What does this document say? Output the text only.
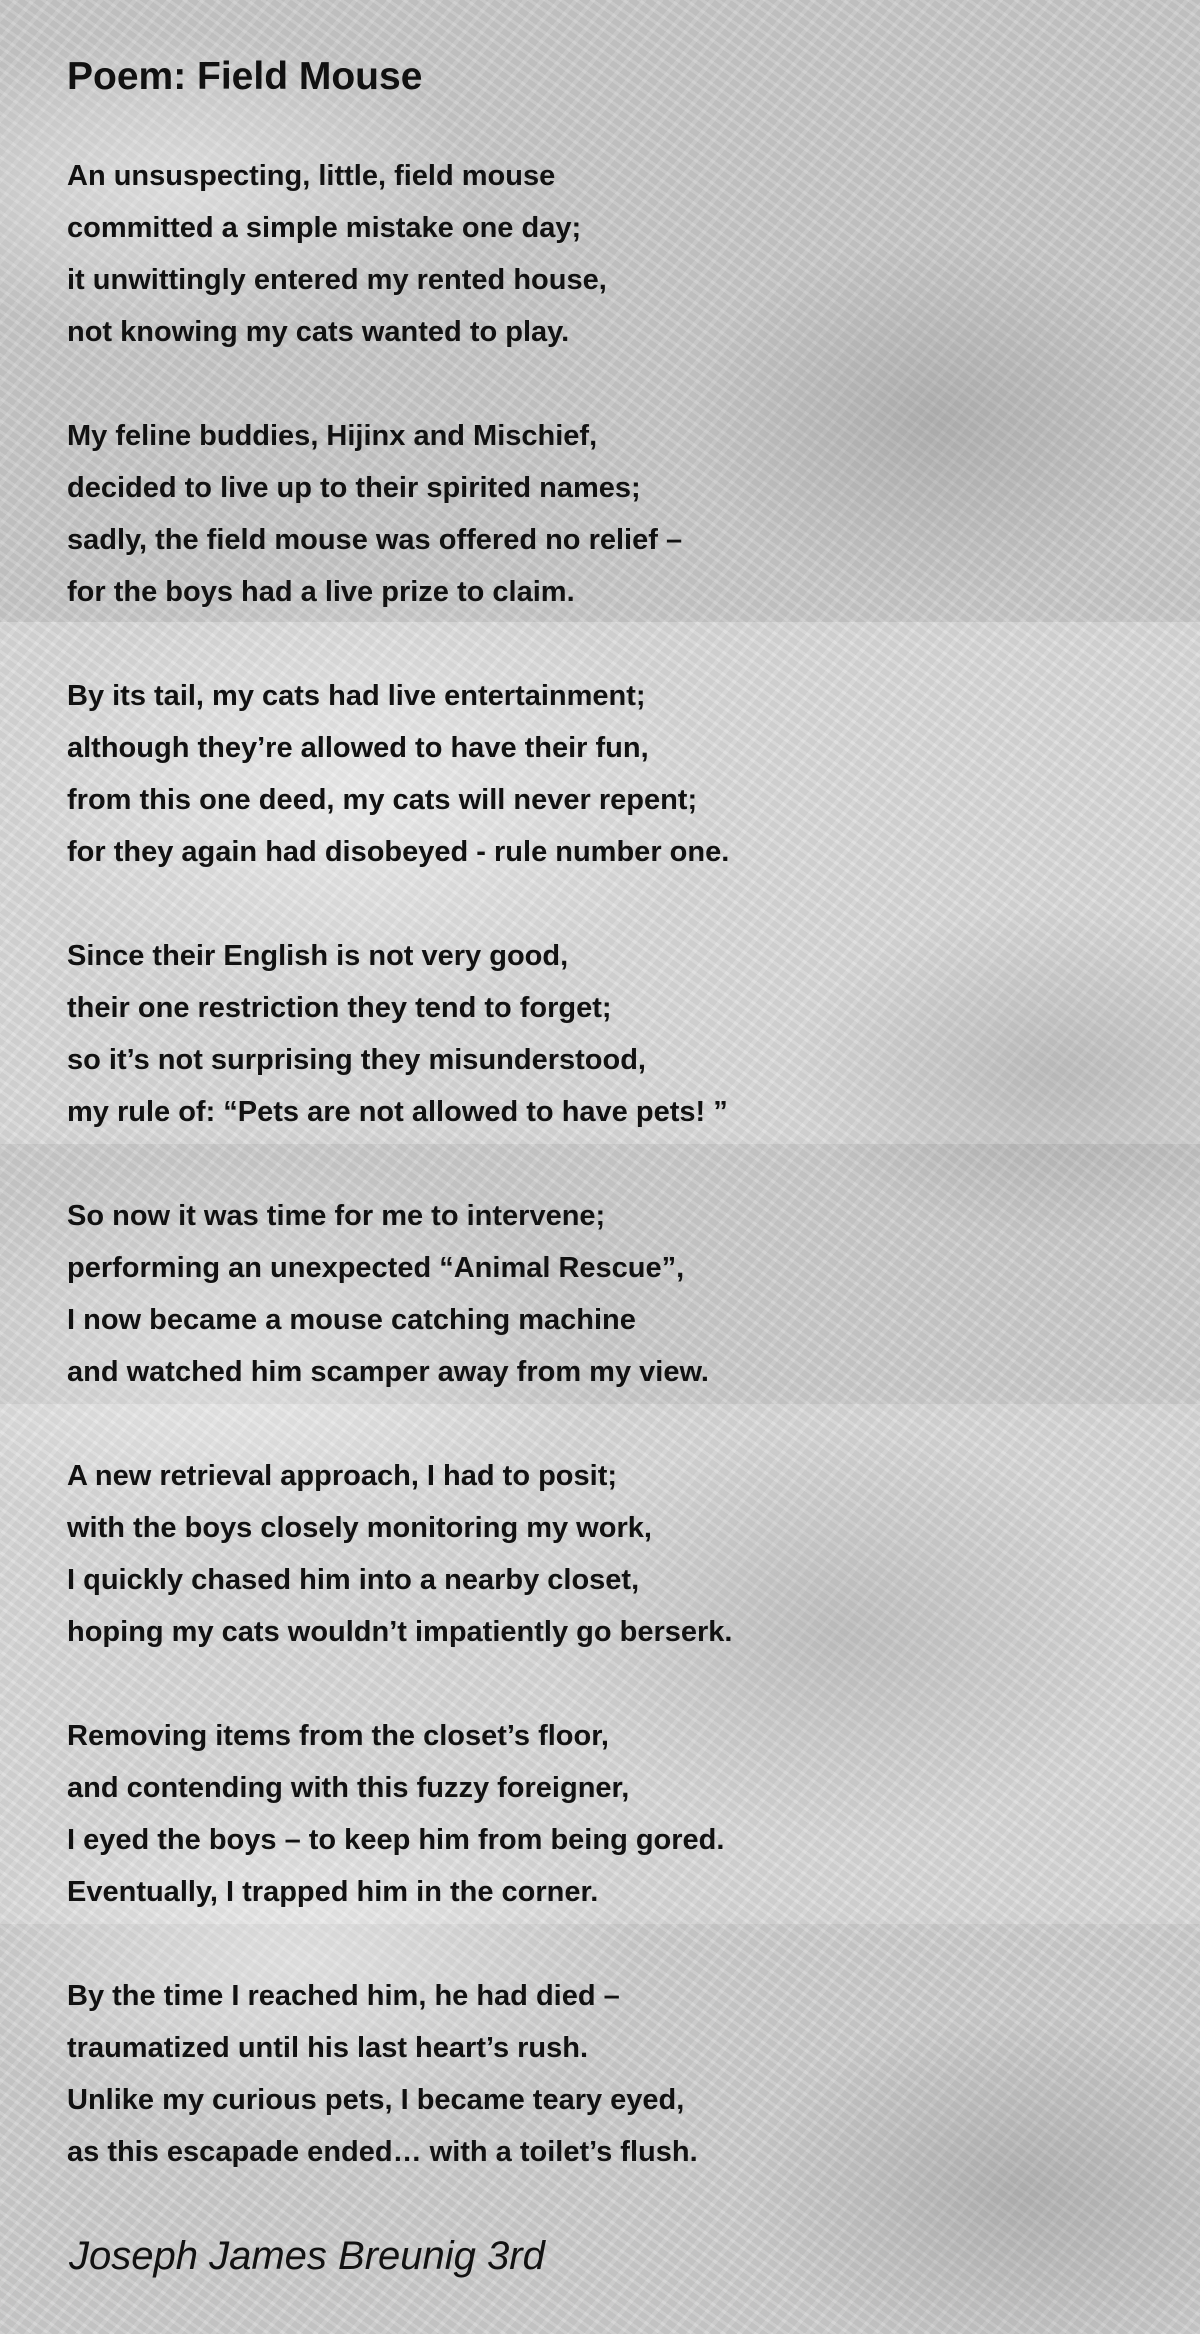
Poem: Field Mouse
An unsuspecting, little, field mouse
committed a simple mistake one day;
it unwittingly entered my rented house,
not knowing my cats wanted to play.
My feline buddies, Hijinx and Mischief,
decided to live up to their spirited names;
sadly, the field mouse was offered no relief –
for the boys had a live prize to claim.
By its tail, my cats had live entertainment;
although they’re allowed to have their fun,
from this one deed, my cats will never repent;
for they again had disobeyed - rule number one.
Since their English is not very good,
their one restriction they tend to forget;
so it’s not surprising they misunderstood,
my rule of: “Pets are not allowed to have pets! ”
So now it was time for me to intervene;
performing an unexpected “Animal Rescue”,
I now became a mouse catching machine
and watched him scamper away from my view.
A new retrieval approach, I had to posit;
with the boys closely monitoring my work,
I quickly chased him into a nearby closet,
hoping my cats wouldn’t impatiently go berserk.
Removing items from the closet’s floor,
and contending with this fuzzy foreigner,
I eyed the boys – to keep him from being gored.
Eventually, I trapped him in the corner.
By the time I reached him, he had died –
traumatized until his last heart’s rush.
Unlike my curious pets, I became teary eyed,
as this escapade ended… with a toilet’s flush.

Joseph James Breunig 3rd
